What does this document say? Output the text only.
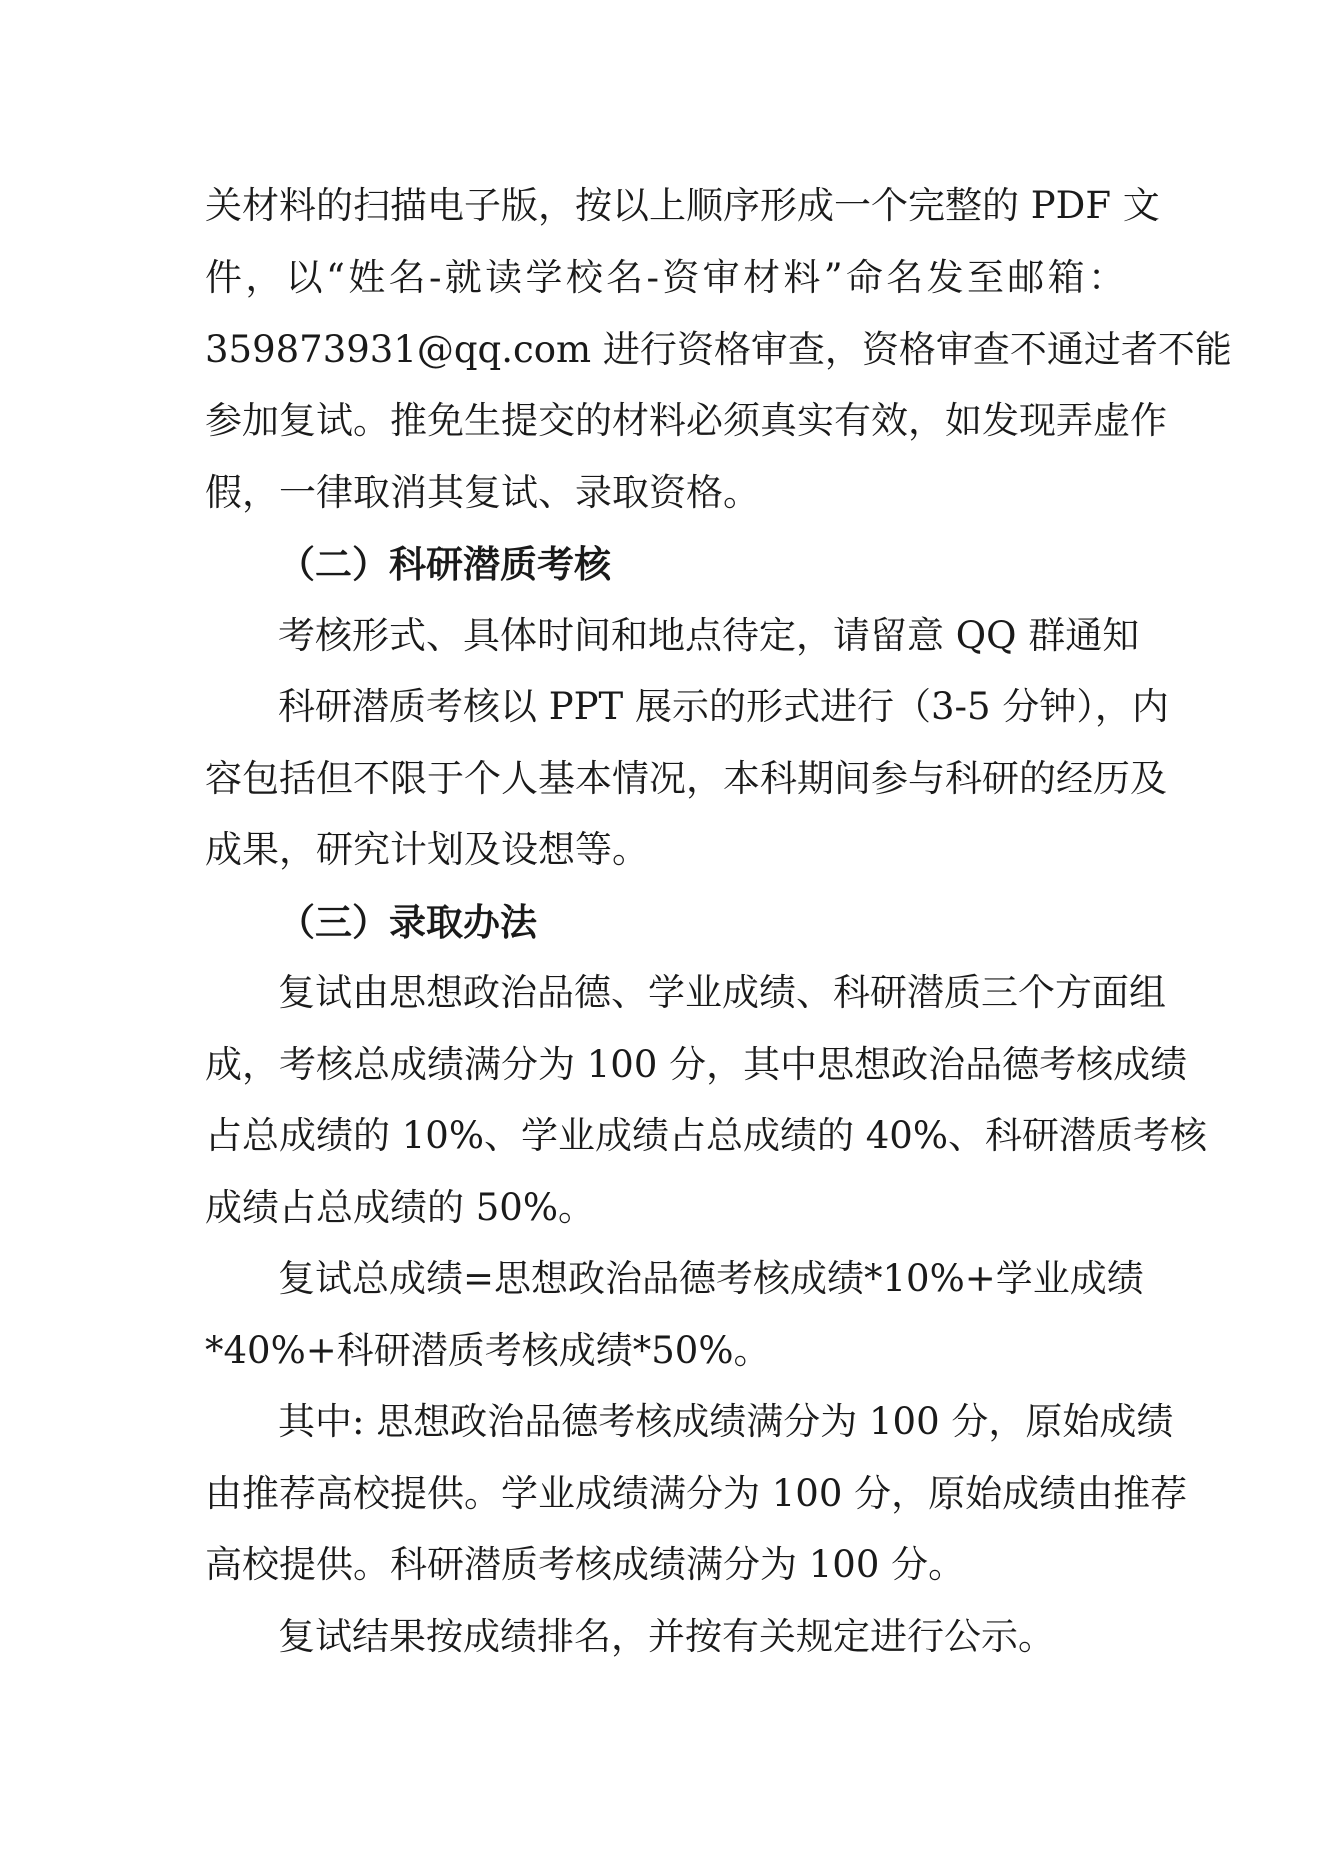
关材料的扫描电子版，按以上顺序形成一个完整的 PDF 文
件，以“姓名-就读学校名-资审材料”命名发至邮箱：
359873931@qq.com 进行资格审查，资格审查不通过者不能
参加复试。推免生提交的材料必须真实有效，如发现弄虚作
假，一律取消其复试、录取资格。
（二）科研潜质考核
考核形式、具体时间和地点待定，请留意 QQ 群通知
科研潜质考核以 PPT 展示的形式进行（3-5 分钟），内
容包括但不限于个人基本情况，本科期间参与科研的经历及
成果，研究计划及设想等。
（三）录取办法
复试由思想政治品德、学业成绩、科研潜质三个方面组
成，考核总成绩满分为 100 分，其中思想政治品德考核成绩
占总成绩的 10%、学业成绩占总成绩的 40%、科研潜质考核
成绩占总成绩的 50%。
复试总成绩=思想政治品德考核成绩*10%+学业成绩
*40%+科研潜质考核成绩*50%。
其中: 思想政治品德考核成绩满分为 100 分，原始成绩
由推荐高校提供。学业成绩满分为 100 分，原始成绩由推荐
高校提供。科研潜质考核成绩满分为 100 分。
复试结果按成绩排名，并按有关规定进行公示。
